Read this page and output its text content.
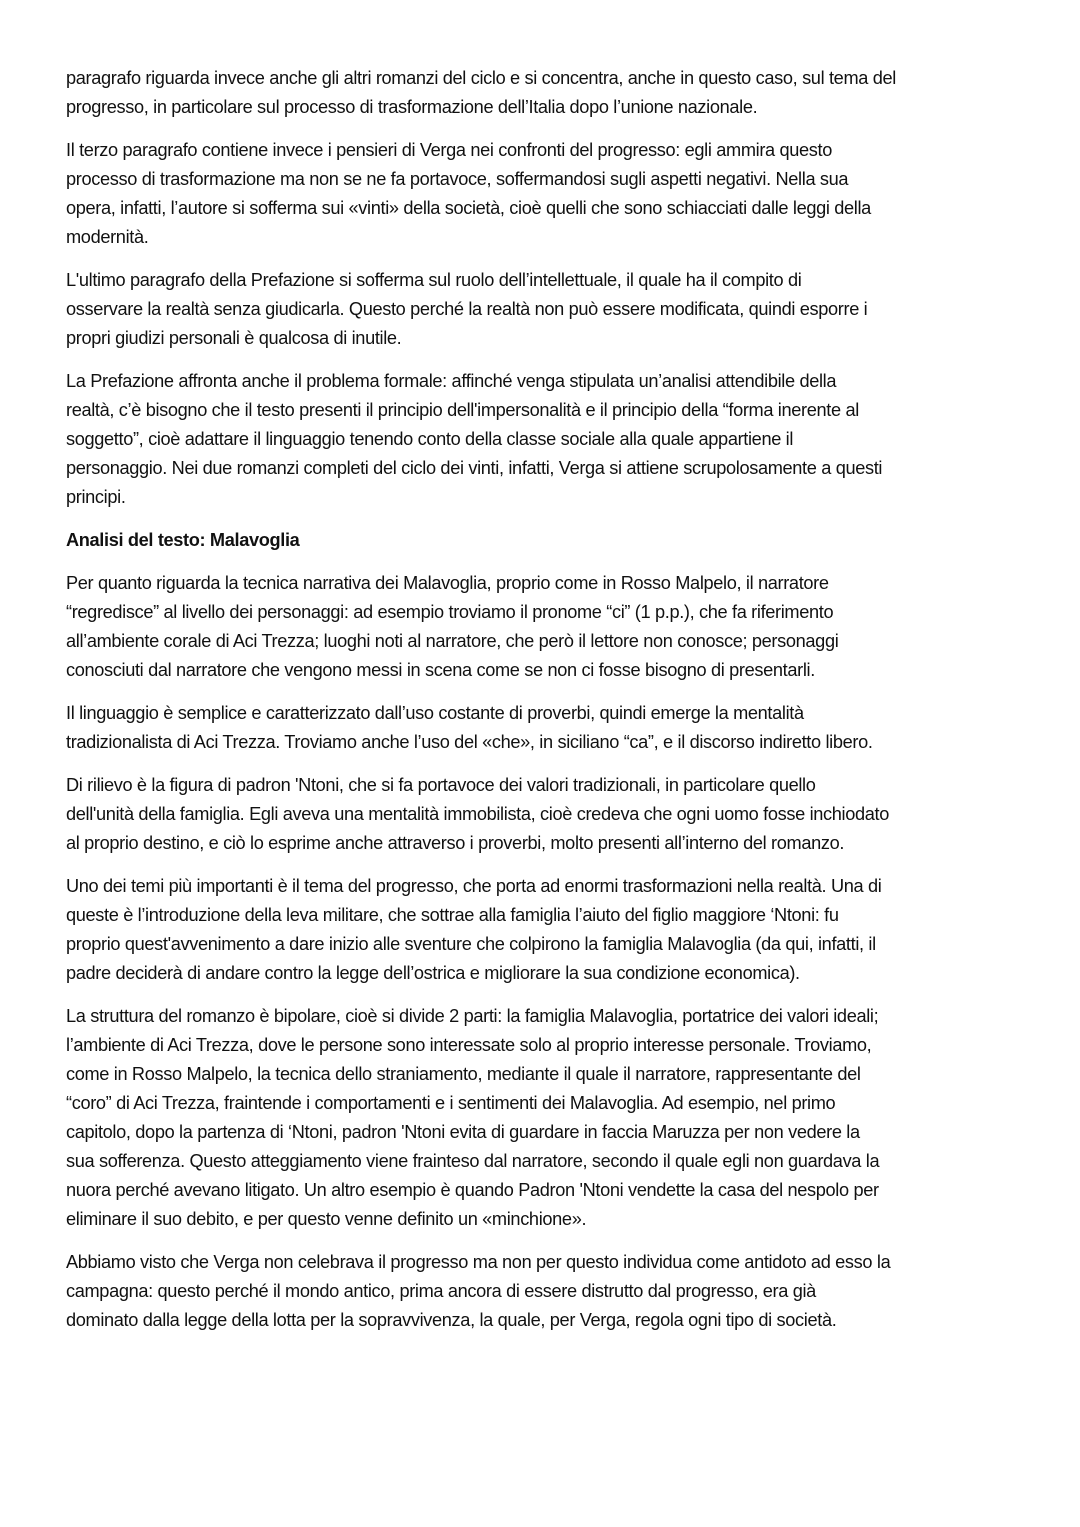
paragrafo riguarda invece anche gli altri romanzi del ciclo e si concentra, anche in questo caso, sul tema del
progresso, in particolare sul processo di trasformazione dell’Italia dopo l’unione nazionale.
Il terzo paragrafo contiene invece i pensieri di Verga nei confronti del progresso: egli ammira questo
processo di trasformazione ma non se ne fa portavoce, soffermandosi sugli aspetti negativi. Nella sua
opera, infatti, l’autore si sofferma sui «vinti» della società, cioè quelli che sono schiacciati dalle leggi della
modernità.
L'ultimo paragrafo della Prefazione si sofferma sul ruolo dell’intellettuale, il quale ha il compito di
osservare la realtà senza giudicarla. Questo perché la realtà non può essere modificata, quindi esporre i
propri giudizi personali è qualcosa di inutile.
La Prefazione affronta anche il problema formale: affinché venga stipulata un’analisi attendibile della
realtà, c’è bisogno che il testo presenti il principio dell'impersonalità e il principio della “forma inerente al
soggetto”, cioè adattare il linguaggio tenendo conto della classe sociale alla quale appartiene il
personaggio. Nei due romanzi completi del ciclo dei vinti, infatti, Verga si attiene scrupolosamente a questi
principi.
Analisi del testo: Malavoglia
Per quanto riguarda la tecnica narrativa dei Malavoglia, proprio come in Rosso Malpelo, il narratore
“regredisce” al livello dei personaggi: ad esempio troviamo il pronome “ci” (1 p.p.), che fa riferimento
all’ambiente corale di Aci Trezza; luoghi noti al narratore, che però il lettore non conosce; personaggi
conosciuti dal narratore che vengono messi in scena come se non ci fosse bisogno di presentarli.
Il linguaggio è semplice e caratterizzato dall’uso costante di proverbi, quindi emerge la mentalità
tradizionalista di Aci Trezza. Troviamo anche l’uso del «che», in siciliano “ca”, e il discorso indiretto libero.
Di rilievo è la figura di padron 'Ntoni, che si fa portavoce dei valori tradizionali, in particolare quello
dell'unità della famiglia. Egli aveva una mentalità immobilista, cioè credeva che ogni uomo fosse inchiodato
al proprio destino, e ciò lo esprime anche attraverso i proverbi, molto presenti all’interno del romanzo.
Uno dei temi più importanti è il tema del progresso, che porta ad enormi trasformazioni nella realtà. Una di
queste è l’introduzione della leva militare, che sottrae alla famiglia l’aiuto del figlio maggiore ‘Ntoni: fu
proprio quest'avvenimento a dare inizio alle sventure che colpirono la famiglia Malavoglia (da qui, infatti, il
padre deciderà di andare contro la legge dell’ostrica e migliorare la sua condizione economica).
La struttura del romanzo è bipolare, cioè si divide 2 parti: la famiglia Malavoglia, portatrice dei valori ideali;
l’ambiente di Aci Trezza, dove le persone sono interessate solo al proprio interesse personale. Troviamo,
come in Rosso Malpelo, la tecnica dello straniamento, mediante il quale il narratore, rappresentante del
“coro” di Aci Trezza, fraintende i comportamenti e i sentimenti dei Malavoglia. Ad esempio, nel primo
capitolo, dopo la partenza di ‘Ntoni, padron 'Ntoni evita di guardare in faccia Maruzza per non vedere la
sua sofferenza. Questo atteggiamento viene frainteso dal narratore, secondo il quale egli non guardava la
nuora perché avevano litigato. Un altro esempio è quando Padron 'Ntoni vendette la casa del nespolo per
eliminare il suo debito, e per questo venne definito un «minchione».
Abbiamo visto che Verga non celebrava il progresso ma non per questo individua come antidoto ad esso la
campagna: questo perché il mondo antico, prima ancora di essere distrutto dal progresso, era già
dominato dalla legge della lotta per la sopravvivenza, la quale, per Verga, regola ogni tipo di società.
